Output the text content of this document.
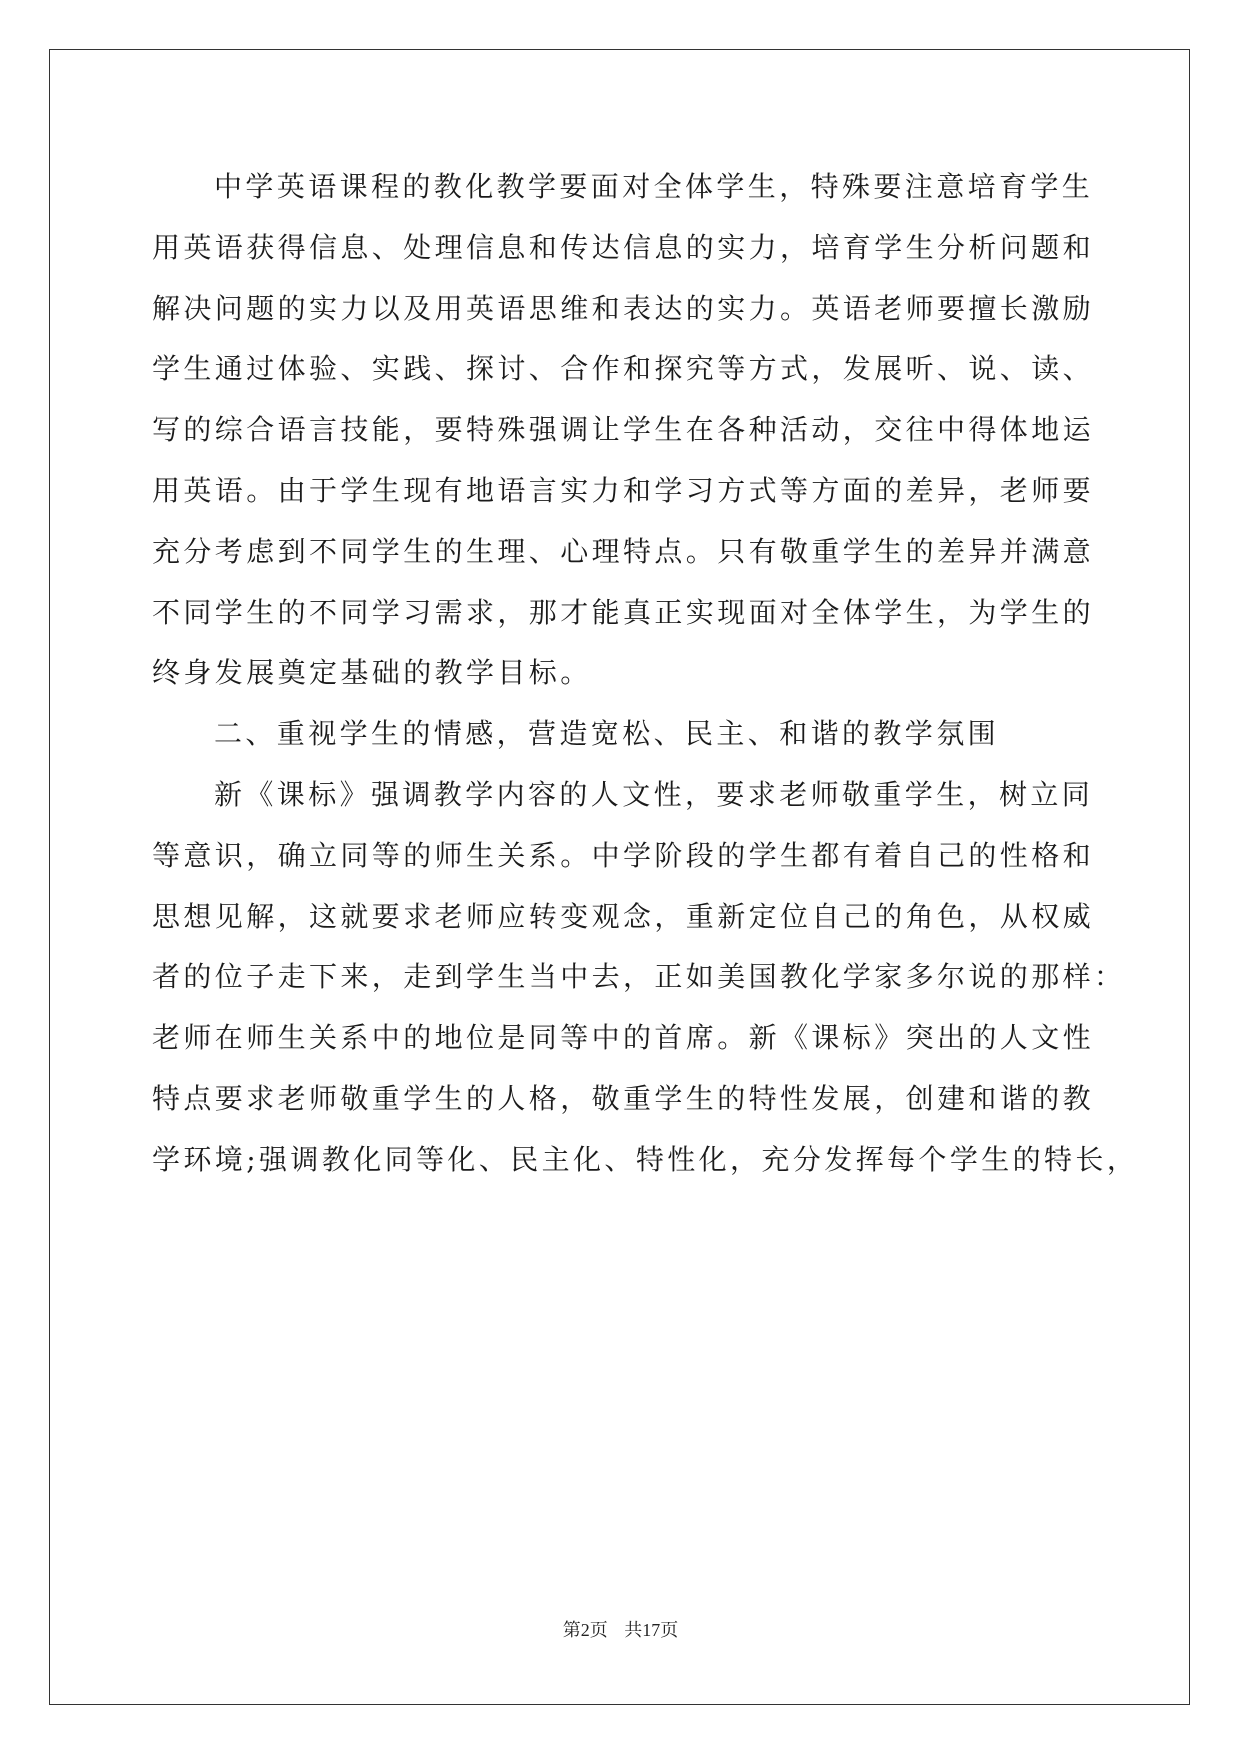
中学英语课程的教化教学要面对全体学生，特殊要注意培育学生
用英语获得信息、处理信息和传达信息的实力，培育学生分析问题和
解决问题的实力以及用英语思维和表达的实力。英语老师要擅长激励
学生通过体验、实践、探讨、合作和探究等方式，发展听、说、读、
写的综合语言技能，要特殊强调让学生在各种活动，交往中得体地运
用英语。由于学生现有地语言实力和学习方式等方面的差异，老师要
充分考虑到不同学生的生理、心理特点。只有敬重学生的差异并满意
不同学生的不同学习需求，那才能真正实现面对全体学生，为学生的
终身发展奠定基础的教学目标。
二、重视学生的情感，营造宽松、民主、和谐的教学氛围
新《课标》强调教学内容的人文性，要求老师敬重学生，树立同
等意识，确立同等的师生关系。中学阶段的学生都有着自己的性格和
思想见解，这就要求老师应转变观念，重新定位自己的角色，从权威
者的位子走下来，走到学生当中去，正如美国教化学家多尔说的那样：
老师在师生关系中的地位是同等中的首席。新《课标》突出的人文性
特点要求老师敬重学生的人格，敬重学生的特性发展，创建和谐的教
学环境;强调教化同等化、民主化、特性化，充分发挥每个学生的特长，
第2页 共17页
